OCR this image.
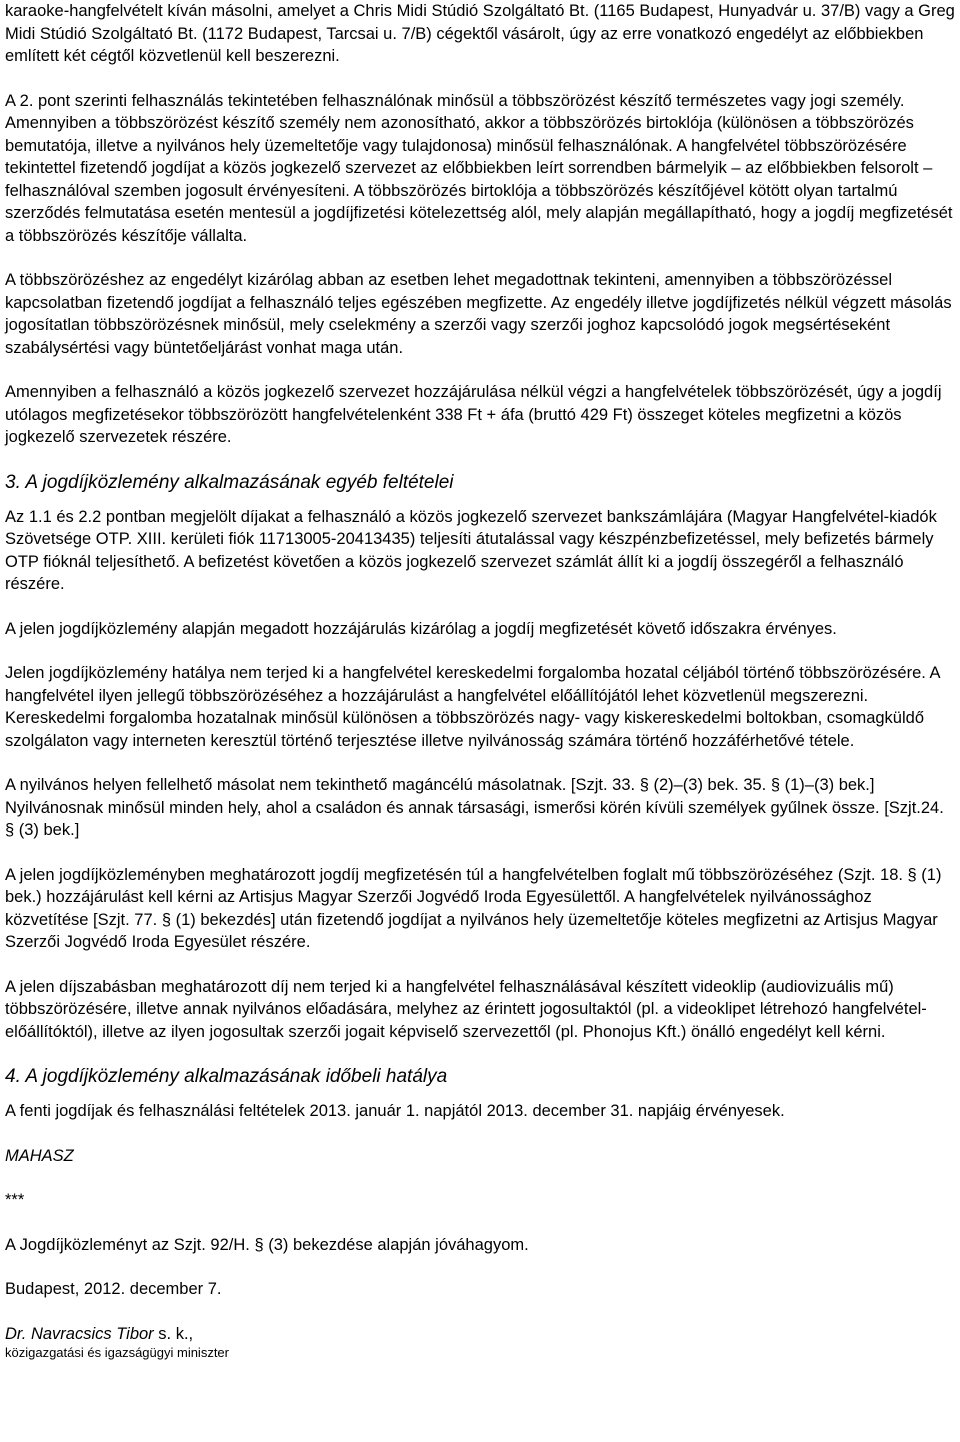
karaoke-hangfelvételt kíván másolni, amelyet a Chris Midi Stúdió Szolgáltató Bt. (1165 Budapest, Hunyadvár u. 37/B) vagy a Greg Midi Stúdió Szolgáltató Bt. (1172 Budapest, Tarcsai u. 7/B) cégektől vásárolt, úgy az erre vonatkozó engedélyt az előbbiekben említett két cégtől közvetlenül kell beszerezni.

A 2. pont szerinti felhasználás tekintetében felhasználónak minősül a többszörözést készítő természetes vagy jogi személy. Amennyiben a többszörözést készítő személy nem azonosítható, akkor a többszörözés birtoklója (különösen a többszörözés bemutatója, illetve a nyilvános hely üzemeltetője vagy tulajdonosa) minősül felhasználónak. A hangfelvétel többszörözésére tekintettel fizetendő jogdíjat a közös jogkezelő szervezet az előbbiekben leírt sorrendben bármelyik – az előbbiekben felsorolt – felhasználóval szemben jogosult érvényesíteni. A többszörözés birtoklója a többszörözés készítőjével kötött olyan tartalmú szerződés felmutatása esetén mentesül a jogdíjfizetési kötelezettség alól, mely alapján megállapítható, hogy a jogdíj megfizetését a többszörözés készítője vállalta.

A többszörözéshez az engedélyt kizárólag abban az esetben lehet megadottnak tekinteni, amennyiben a többszörözéssel kapcsolatban fizetendő jogdíjat a felhasználó teljes egészében megfizette. Az engedély illetve jogdíjfizetés nélkül végzett másolás jogosítatlan többszörözésnek minősül, mely cselekmény a szerzői vagy szerzői joghoz kapcsolódó jogok megsértéseként szabálysértési vagy büntetőeljárást vonhat maga után.

Amennyiben a felhasználó a közös jogkezelő szervezet hozzájárulása nélkül végzi a hangfelvételek többszörözését, úgy a jogdíj utólagos megfizetésekor többszörözött hangfelvételenként 338 Ft + áfa (bruttó 429 Ft) összeget köteles megfizetni a közös jogkezelő szervezetek részére.

3. A jogdíjközlemény alkalmazásának egyéb feltételei

Az 1.1 és 2.2 pontban megjelölt díjakat a felhasználó a közös jogkezelő szervezet bankszámlájára (Magyar Hangfelvétel-kiadók Szövetsége OTP. XIII. kerületi fiók 11713005-20413435) teljesíti átutalással vagy készpénzbefizetéssel, mely befizetés bármely OTP fióknál teljesíthető. A befizetést követően a közös jogkezelő szervezet számlát állít ki a jogdíj összegéről a felhasználó részére.

A jelen jogdíjközlemény alapján megadott hozzájárulás kizárólag a jogdíj megfizetését követő időszakra érvényes.

Jelen jogdíjközlemény hatálya nem terjed ki a hangfelvétel kereskedelmi forgalomba hozatal céljából történő többszörözésére. A hangfelvétel ilyen jellegű többszörözéséhez a hozzájárulást a hangfelvétel előállítójától lehet közvetlenül megszerezni. Kereskedelmi forgalomba hozatalnak minősül különösen a többszörözés nagy- vagy kiskereskedelmi boltokban, csomagküldő szolgálaton vagy interneten keresztül történő terjesztése illetve nyilvánosság számára történő hozzáférhetővé tétele.

A nyilvános helyen fellelhető másolat nem tekinthető magáncélú másolatnak. [Szjt. 33. § (2)–(3) bek. 35. § (1)–(3) bek.] Nyilvánosnak minősül minden hely, ahol a családon és annak társasági, ismerősi körén kívüli személyek gyűlnek össze. [Szjt.24. § (3) bek.]

A jelen jogdíjközleményben meghatározott jogdíj megfizetésén túl a hangfelvételben foglalt mű többszörözéséhez (Szjt. 18. § (1) bek.) hozzájárulást kell kérni az Artisjus Magyar Szerzői Jogvédő Iroda Egyesülettől. A hangfelvételek nyilvánossághoz közvetítése [Szjt. 77. § (1) bekezdés] után fizetendő jogdíjat a nyilvános hely üzemeltetője köteles megfizetni az Artisjus Magyar Szerzői Jogvédő Iroda Egyesület részére.

A jelen díjszabásban meghatározott díj nem terjed ki a hangfelvétel felhasználásával készített videoklip (audiovizuális mű) többszörözésére, illetve annak nyilvános előadására, melyhez az érintett jogosultaktól (pl. a videoklipet létrehozó hangfelvétel-előállítóktól), illetve az ilyen jogosultak szerzői jogait képviselő szervezettől (pl. Phonojus Kft.) önálló engedélyt kell kérni.

4. A jogdíjközlemény alkalmazásának időbeli hatálya

A fenti jogdíjak és felhasználási feltételek 2013. január 1. napjától 2013. december 31. napjáig érvényesek.

MAHASZ

***

A Jogdíjközleményt az Szjt. 92/H. § (3) bekezdése alapján jóváhagyom.

Budapest, 2012. december 7.

Dr. Navracsics Tibor s. k.,

közigazgatási és igazságügyi miniszter
